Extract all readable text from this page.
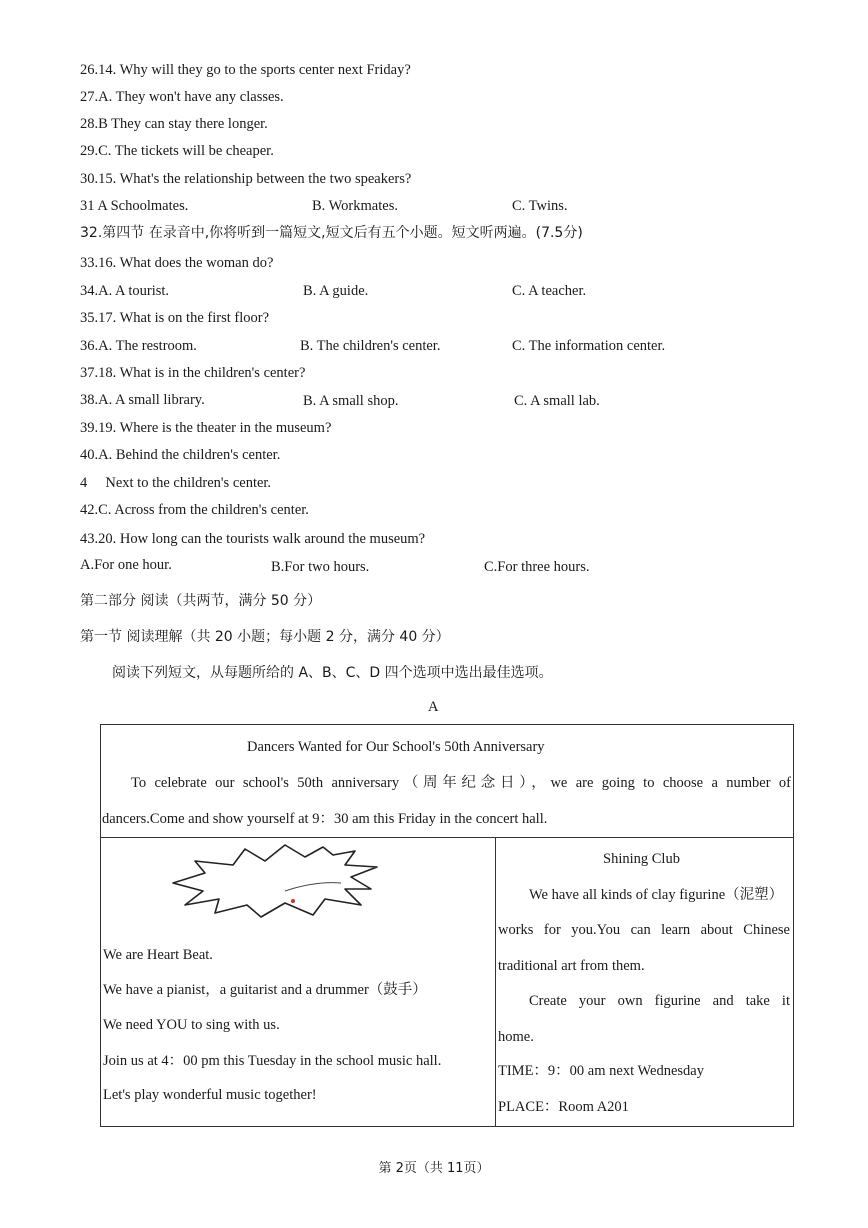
26.14. Why will they go to the sports center next Friday?
27.A. They won't have any classes.
28.B They can stay there longer.
29.C. The tickets will be cheaper.
30.15. What's the relationship between the two speakers?
31 A Schoolmates.	B. Workmates.	C. Twins.
32.第四节 在录音中,你将听到一篇短文,短文后有五个小题。短文听两遍。(7.5分)
33.16. What does the woman do?
34.A. A tourist.	B. A guide.	C. A teacher.
35.17. What is on the first floor?
36.A. The restroom.	B. The children's center.	C. The information center.
37.18. What is in the children's center?
38.A. A small library.	B. A small shop.	C. A small lab.
39.19. Where is the theater in the museum?
40.A. Behind the children's center.
4     Next to the children's center.
42.C. Across from the children's center.
43.20. How long can the tourists walk around the museum?
A.For one hour.	B.For two hours.	C.For three hours.
第二部分 阅读（共两节，满分 50 分）
第一节 阅读理解（共 20 小题；每小题 2 分，满分 40 分）
阅读下列短文，从每题所给的 A、B、C、D 四个选项中选出最佳选项。
A
Dancers Wanted for Our School's 50th Anniversary
To celebrate our school's 50th anniversary（周年纪念日），we are going to choose a number of
dancers.Come and show yourself at 9：30 am this Friday in the concert hall.
We are Heart Beat.
We have a pianist，a guitarist and a drummer（鼓手）
We need YOU to sing with us.
Join us at 4：00 pm this Tuesday in the school music hall.
Let's play wonderful music together!
Shining Club
We have all kinds of clay figurine（泥塑）
works for you.You can learn about Chinese
traditional art from them.
Create your own figurine and take it
home.
TIME：9：00 am next Wednesday
PLACE：Room A201
第 2页（共 11页）
